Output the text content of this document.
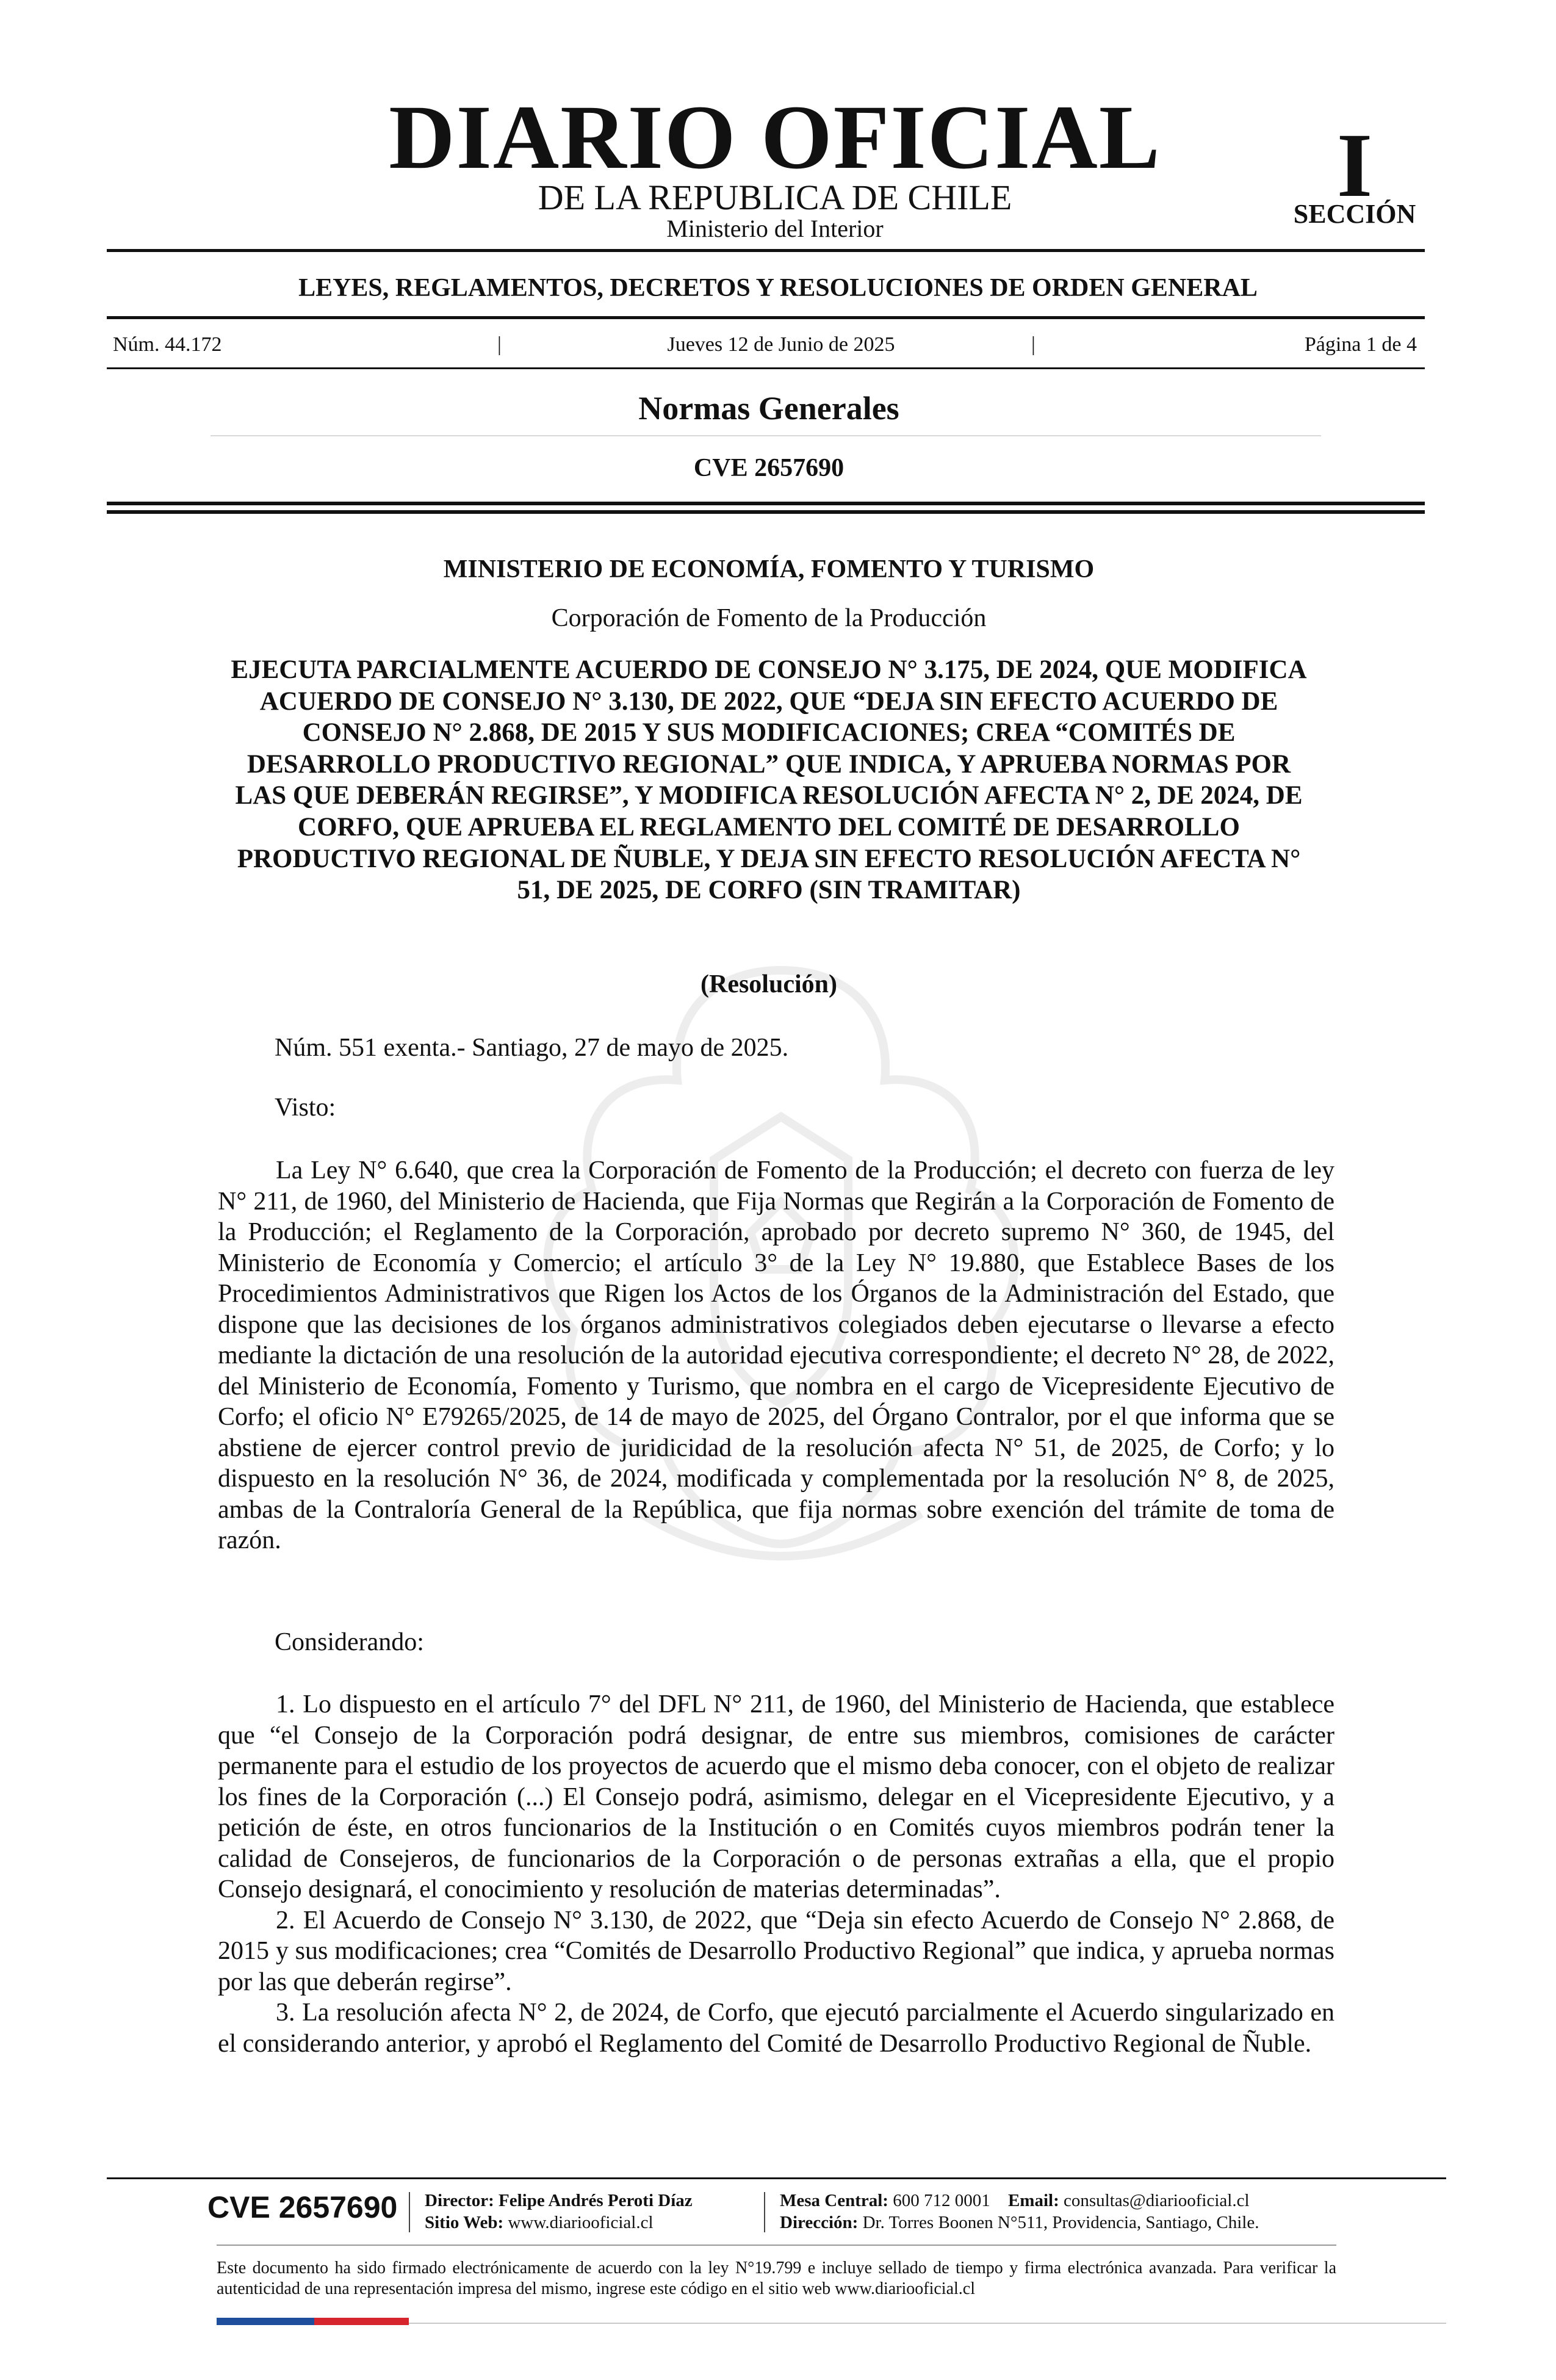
DIARIO OFICIAL
DE LA REPUBLICA DE CHILE
Ministerio del Interior
I
SECCIÓN
LEYES, REGLAMENTOS, DECRETOS Y RESOLUCIONES DE ORDEN GENERAL
Núm. 44.172	|	Jueves 12 de Junio de 2025	|	Página 1 de 4
Normas Generales
CVE 2657690
MINISTERIO DE ECONOMÍA, FOMENTO Y TURISMO
Corporación de Fomento de la Producción
EJECUTA PARCIALMENTE ACUERDO DE CONSEJO N° 3.175, DE 2024, QUE MODIFICA ACUERDO DE CONSEJO N° 3.130, DE 2022, QUE “DEJA SIN EFECTO ACUERDO DE CONSEJO N° 2.868, DE 2015 Y SUS MODIFICACIONES; CREA “COMITÉS DE DESARROLLO PRODUCTIVO REGIONAL” QUE INDICA, Y APRUEBA NORMAS POR LAS QUE DEBERÁN REGIRSE”, Y MODIFICA RESOLUCIÓN AFECTA N° 2, DE 2024, DE CORFO, QUE APRUEBA EL REGLAMENTO DEL COMITÉ DE DESARROLLO PRODUCTIVO REGIONAL DE ÑUBLE, Y DEJA SIN EFECTO RESOLUCIÓN AFECTA N° 51, DE 2025, DE CORFO (SIN TRAMITAR)
(Resolución)
Núm. 551 exenta.- Santiago, 27 de mayo de 2025.
Visto:

La Ley N° 6.640, que crea la Corporación de Fomento de la Producción; el decreto con fuerza de ley N° 211, de 1960, del Ministerio de Hacienda, que Fija Normas que Regirán a la Corporación de Fomento de la Producción; el Reglamento de la Corporación, aprobado por decreto supremo N° 360, de 1945, del Ministerio de Economía y Comercio; el artículo 3° de la Ley N° 19.880, que Establece Bases de los Procedimientos Administrativos que Rigen los Actos de los Órganos de la Administración del Estado, que dispone que las decisiones de los órganos administrativos colegiados deben ejecutarse o llevarse a efecto mediante la dictación de una resolución de la autoridad ejecutiva correspondiente; el decreto N° 28, de 2022, del Ministerio de Economía, Fomento y Turismo, que nombra en el cargo de Vicepresidente Ejecutivo de Corfo; el oficio N° E79265/2025, de 14 de mayo de 2025, del Órgano Contralor, por el que informa que se abstiene de ejercer control previo de juridicidad de la resolución afecta N° 51, de 2025, de Corfo; y lo dispuesto en la resolución N° 36, de 2024, modificada y complementada por la resolución N° 8, de 2025, ambas de la Contraloría General de la República, que fija normas sobre exención del trámite de toma de razón.

Considerando:

1. Lo dispuesto en el artículo 7° del DFL N° 211, de 1960, del Ministerio de Hacienda, que establece que “el Consejo de la Corporación podrá designar, de entre sus miembros, comisiones de carácter permanente para el estudio de los proyectos de acuerdo que el mismo deba conocer, con el objeto de realizar los fines de la Corporación (...) El Consejo podrá, asimismo, delegar en el Vicepresidente Ejecutivo, y a petición de éste, en otros funcionarios de la Institución o en Comités cuyos miembros podrán tener la calidad de Consejeros, de funcionarios de la Corporación o de personas extrañas a ella, que el propio Consejo designará, el conocimiento y resolución de materias determinadas”.

2. El Acuerdo de Consejo N° 3.130, de 2022, que “Deja sin efecto Acuerdo de Consejo N° 2.868, de 2015 y sus modificaciones; crea “Comités de Desarrollo Productivo Regional” que indica, y aprueba normas por las que deberán regirse”.

3. La resolución afecta N° 2, de 2024, de Corfo, que ejecutó parcialmente el Acuerdo singularizado en el considerando anterior, y aprobó el Reglamento del Comité de Desarrollo Productivo Regional de Ñuble.

CVE 2657690 Director: Felipe Andrés Peroti Díaz
Sitio Web: www.diariooficial.cl
Mesa Central: 600 712 0001 Email: consultas@diariooficial.cl
Dirección: Dr. Torres Boonen N°511, Providencia, Santiago, Chile.
Este documento ha sido firmado electrónicamente de acuerdo con la ley N°19.799 e incluye sellado de tiempo y firma electrónica avanzada. Para verificar la autenticidad de una representación impresa del mismo, ingrese este código en el sitio web www.diariooficial.cl
